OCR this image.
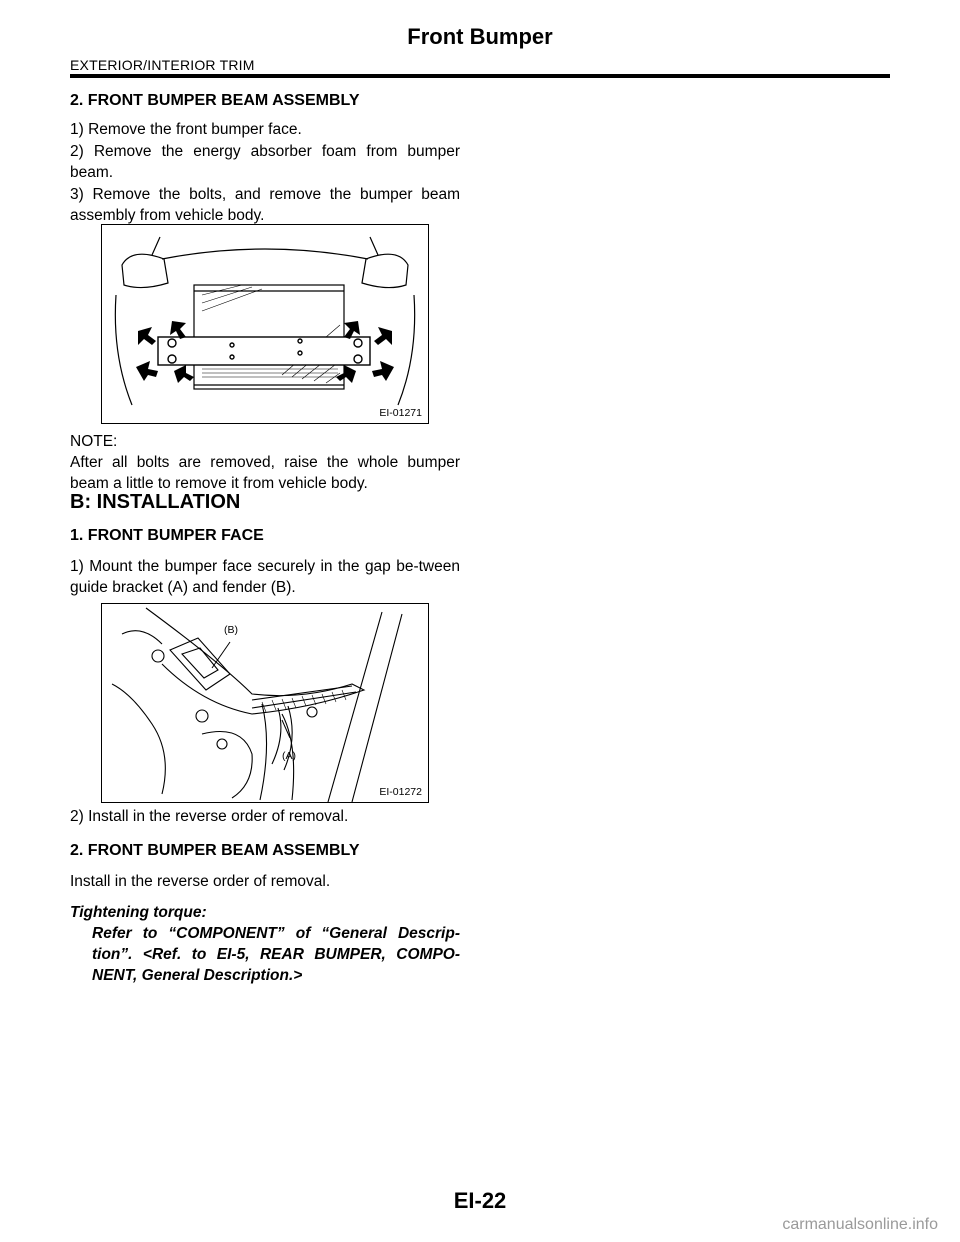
Front Bumper
EXTERIOR/INTERIOR TRIM
2. FRONT BUMPER BEAM ASSEMBLY
1) Remove the front bumper face.
2) Remove the energy absorber foam from bumper beam.
3) Remove the bolts, and remove the bumper beam assembly from vehicle body.
EI-01271
NOTE:
After all bolts are removed, raise the whole bumper beam a little to remove it from vehicle body.
B: INSTALLATION
1. FRONT BUMPER FACE
1) Mount the bumper face securely in the gap be-tween guide bracket (A) and fender (B).
(B)
(A)
EI-01272
2) Install in the reverse order of removal.
2. FRONT BUMPER BEAM ASSEMBLY
Install in the reverse order of removal.
Tightening torque:
Refer to “COMPONENT” of “General Descrip-tion”. <Ref. to EI-5, REAR BUMPER, COMPO-NENT, General Description.>
EI-22
carmanualsonline.info
